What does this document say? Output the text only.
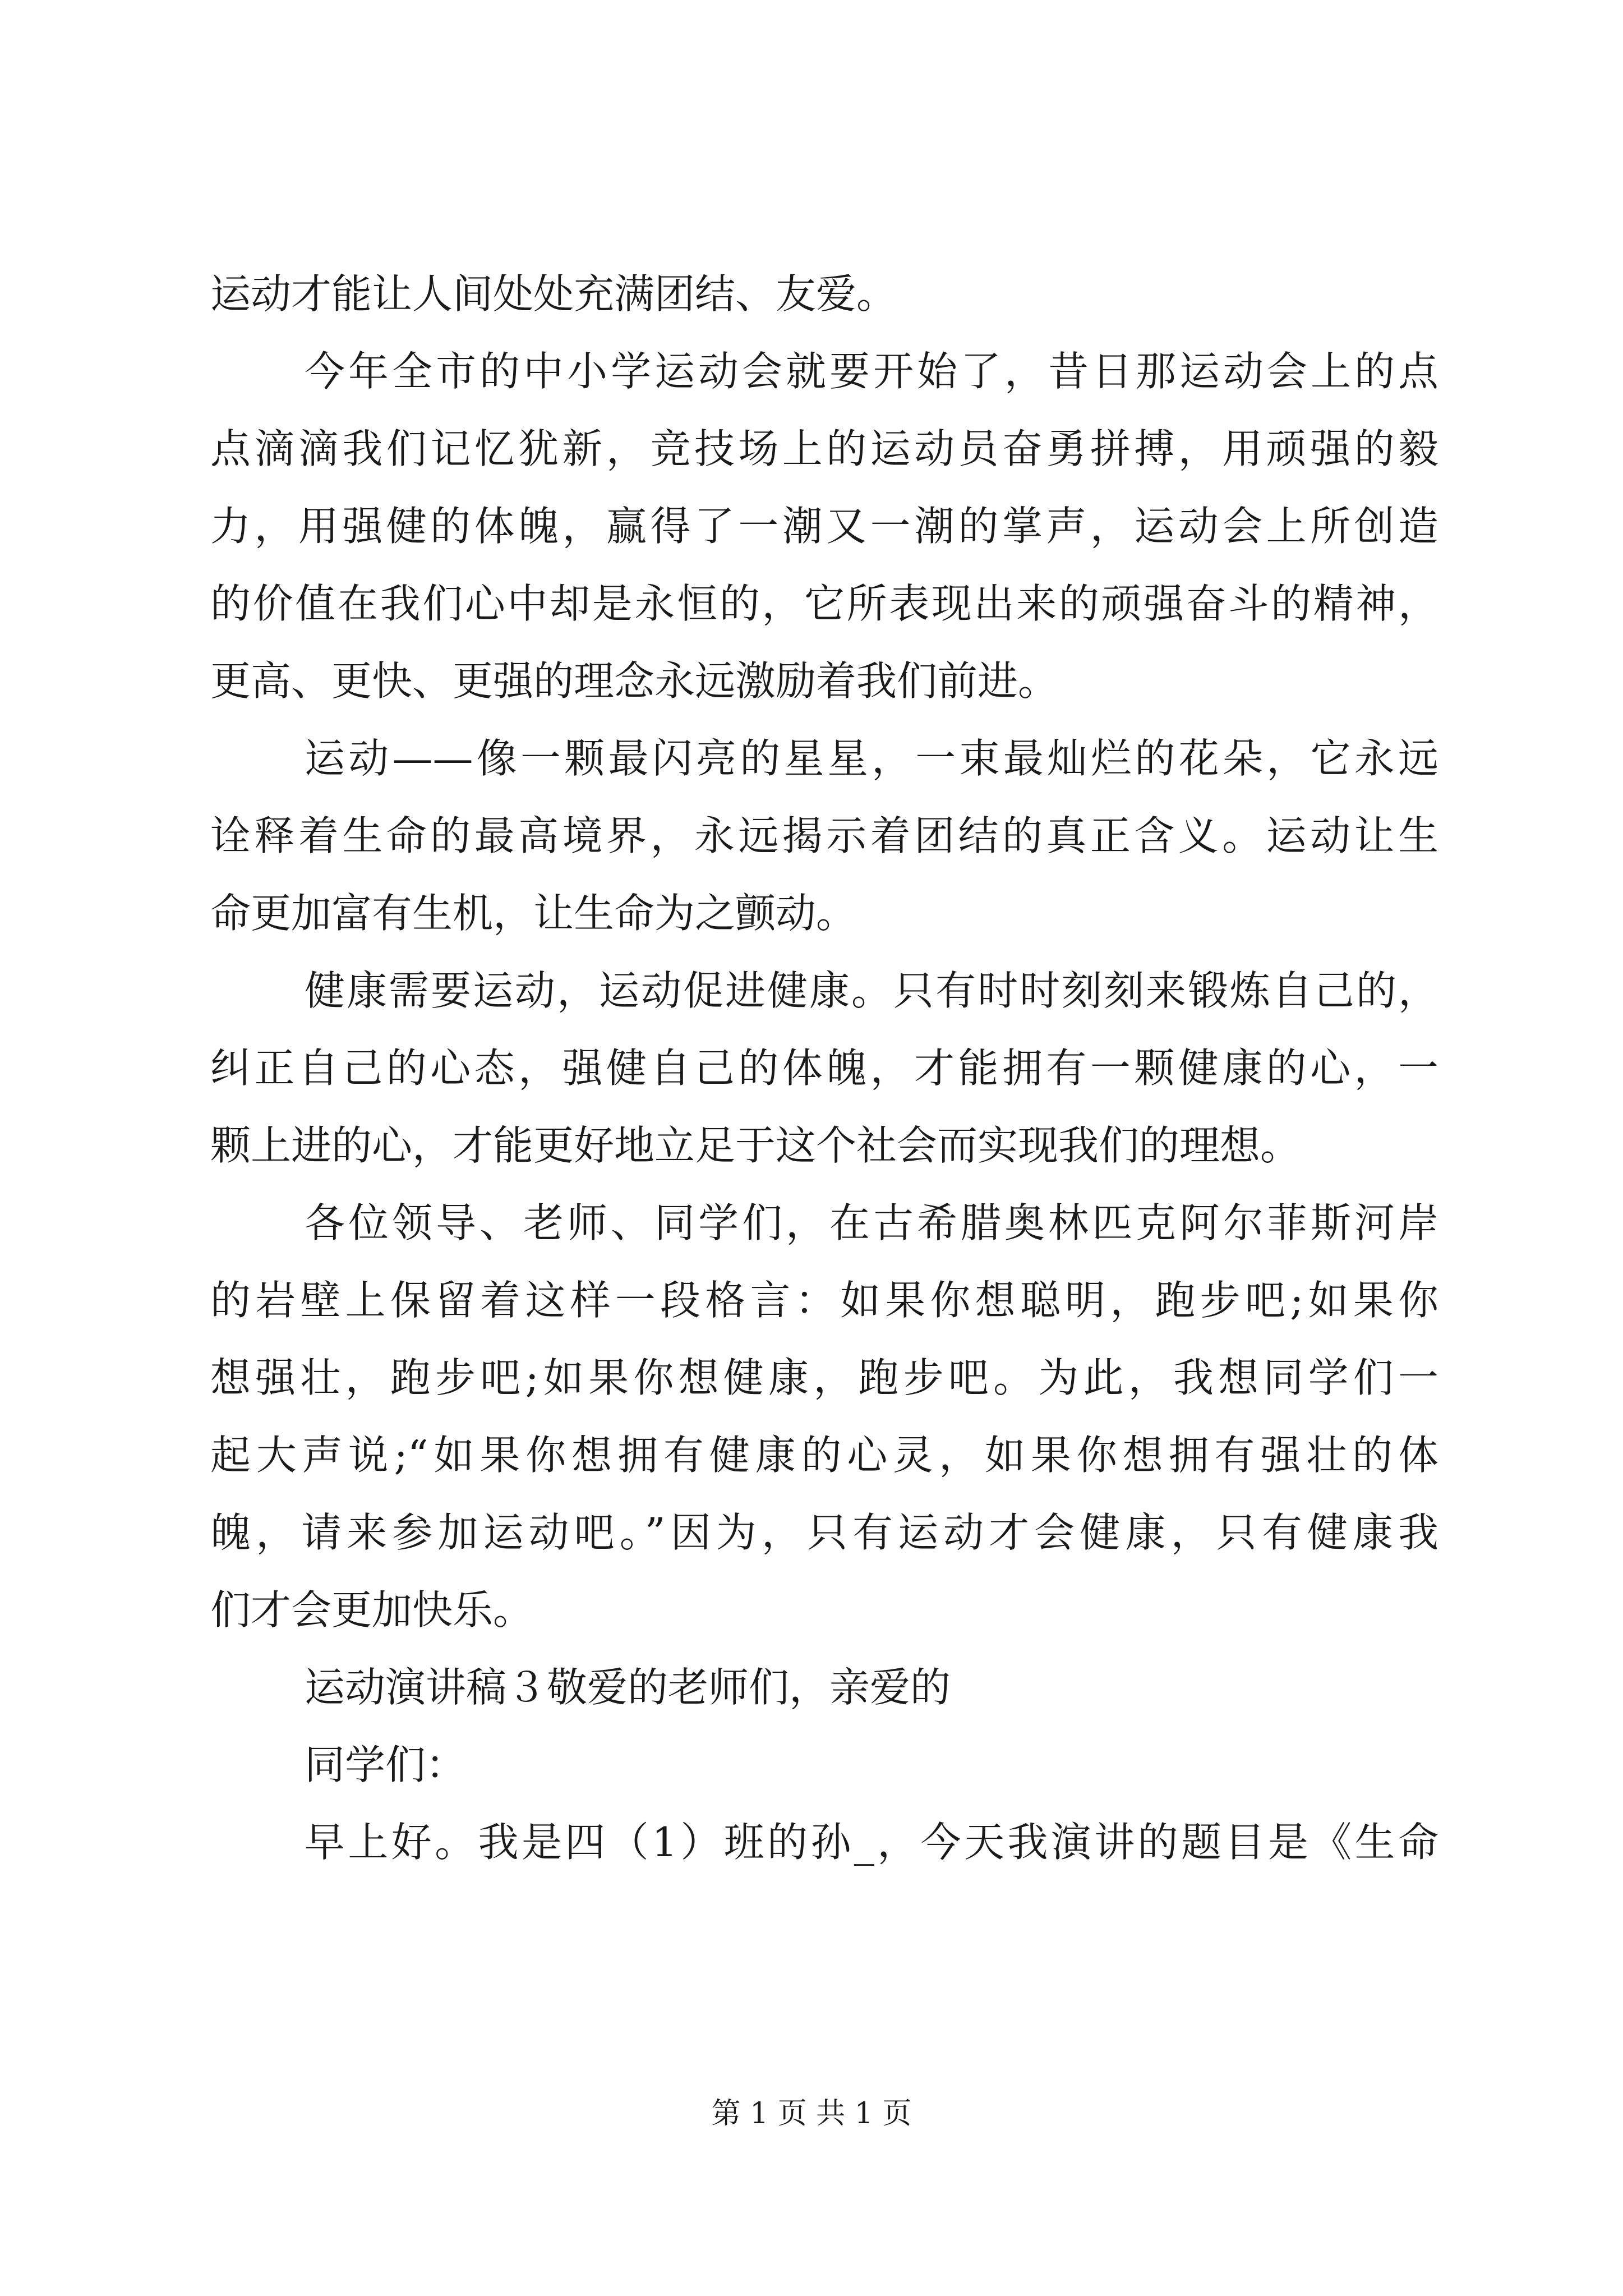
运动才能让人间处处充满团结、友爱。
今年全市的中小学运动会就要开始了，昔日那运动会上的点
点滴滴我们记忆犹新，竞技场上的运动员奋勇拼搏，用顽强的毅
力，用强健的体魄，赢得了一潮又一潮的掌声，运动会上所创造
的价值在我们心中却是永恒的，它所表现出来的顽强奋斗的精神，
更高、更快、更强的理念永远激励着我们前进。
运动——像一颗最闪亮的星星，一束最灿烂的花朵，它永远
诠释着生命的最高境界，永远揭示着团结的真正含义。运动让生
命更加富有生机，让生命为之颤动。
健康需要运动，运动促进健康。只有时时刻刻来锻炼自己的，
纠正自己的心态，强健自己的体魄，才能拥有一颗健康的心，一
颗上进的心，才能更好地立足于这个社会而实现我们的理想。
各位领导、老师、同学们，在古希腊奥林匹克阿尔菲斯河岸
的岩壁上保留着这样一段格言：如果你想聪明，跑步吧;如果你
想强壮，跑步吧;如果你想健康，跑步吧。为此，我想同学们一
起大声说;“如果你想拥有健康的心灵，如果你想拥有强壮的体
魄，请来参加运动吧。”因为，只有运动才会健康，只有健康我
们才会更加快乐。
运动演讲稿３敬爱的老师们，亲爱的
同学们：
早上好。我是四（1）班的孙_，今天我演讲的题目是《生命
第 1 页 共 1 页
